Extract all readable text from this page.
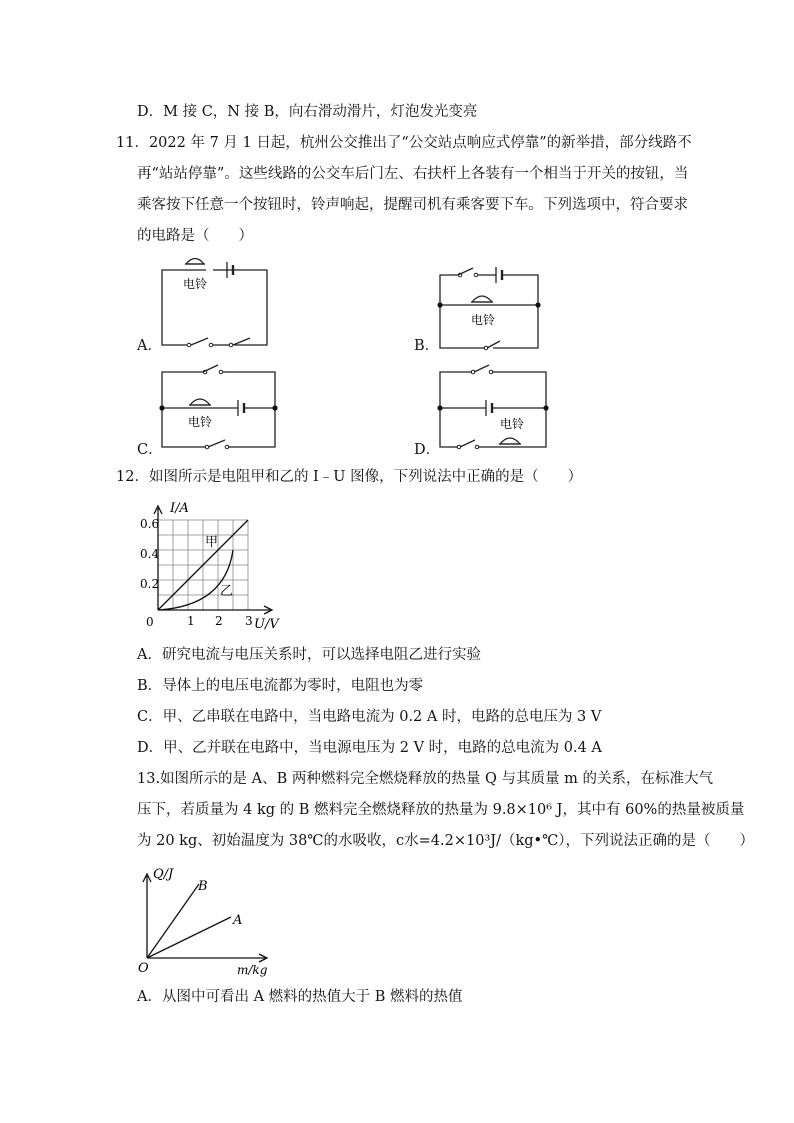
D．M 接 C，N 接 B，向右滑动滑片，灯泡发光变亮
11．2022 年 7 月 1 日起，杭州公交推出了“公交站点响应式停靠”的新举措，部分线路不
再“站站停靠”。这些线路的公交车后门左、右扶杆上各装有一个相当于开关的按钮，当
乘客按下任意一个按钮时，铃声响起，提醒司机有乘客要下车。下列选项中，符合要求
的电路是（　　）
A．
电铃
B．
电铃
C．
电铃
D．
电铃
12．如图所示是电阻甲和乙的 I﹣U 图像，下列说法中正确的是（　　）
I/A
U/V
0
0.6
0.4
0.2
1 2 3
甲
乙
A．研究电流与电压关系时，可以选择电阻乙进行实验
B．导体上的电压电流都为零时，电阻也为零
C．甲、乙串联在电路中，当电路电流为 0.2 A 时，电路的总电压为 3 V
D．甲、乙并联在电路中，当电源电压为 2 V 时，电路的总电流为 0.4 A
13.如图所示的是 A、B 两种燃料完全燃烧释放的热量 Q 与其质量 m 的关系，在标准大气
压下，若质量为 4 kg 的 B 燃料完全燃烧释放的热量为 9.8×10⁶ J，其中有 60%的热量被质量
为 20 kg、初始温度为 38℃的水吸收，c水=4.2×10³J/（kg•℃），下列说法正确的是（　　）
Q/J
m/kg
O
B
A
A．从图中可看出 A 燃料的热值大于 B 燃料的热值
